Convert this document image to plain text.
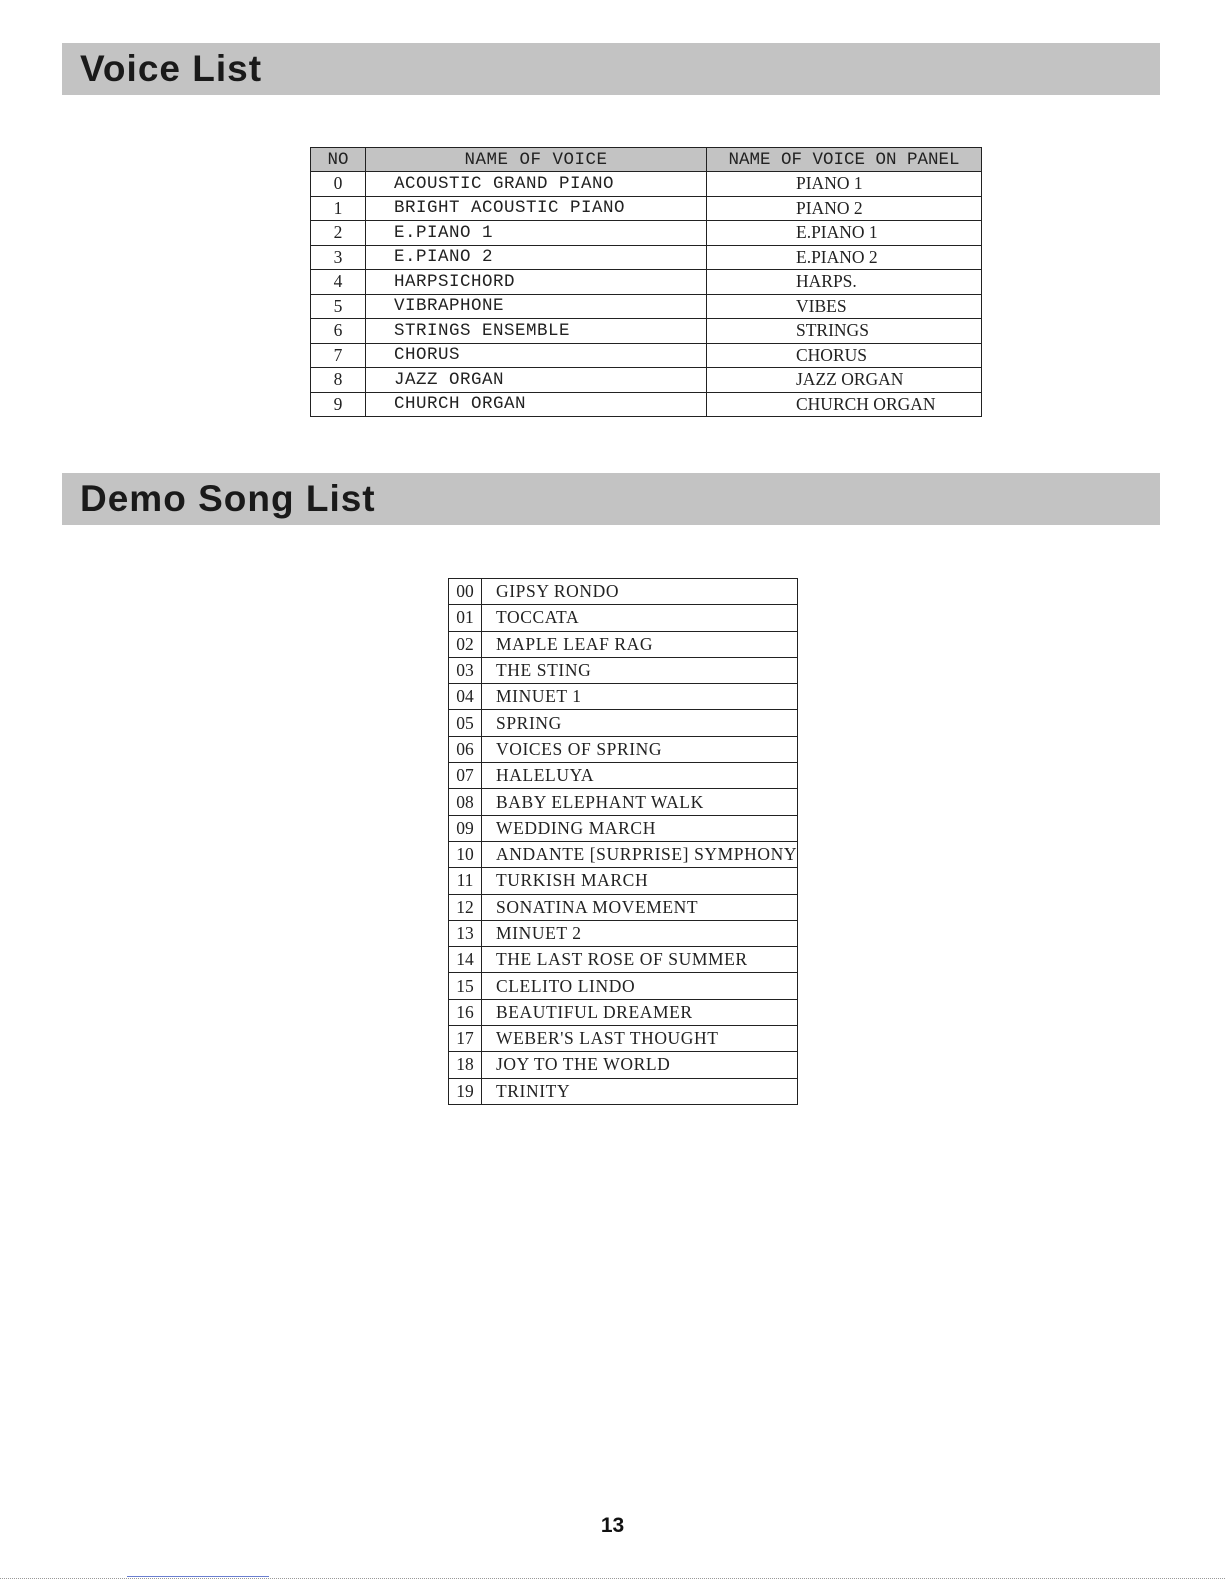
Voice List
NO	NAME OF VOICE	NAME OF VOICE ON PANEL
0	ACOUSTIC GRAND PIANO	PIANO 1
1	BRIGHT ACOUSTIC PIANO	PIANO 2
2	E.PIANO 1	E.PIANO 1
3	E.PIANO 2	E.PIANO 2
4	HARPSICHORD	HARPS.
5	VIBRAPHONE	VIBES
6	STRINGS ENSEMBLE	STRINGS
7	CHORUS	CHORUS
8	JAZZ ORGAN	JAZZ ORGAN
9	CHURCH ORGAN	CHURCH ORGAN
Demo Song List
00	GIPSY RONDO
01	TOCCATA
02	MAPLE LEAF RAG
03	THE STING
04	MINUET 1
05	SPRING
06	VOICES OF SPRING
07	HALELUYA
08	BABY ELEPHANT WALK
09	WEDDING MARCH
10	ANDANTE [SURPRISE] SYMPHONY
11	TURKISH MARCH
12	SONATINA MOVEMENT
13	MINUET 2
14	THE LAST ROSE OF SUMMER
15	CLELITO LINDO
16	BEAUTIFUL DREAMER
17	WEBER'S LAST THOUGHT
18	JOY TO THE WORLD
19	TRINITY
13
